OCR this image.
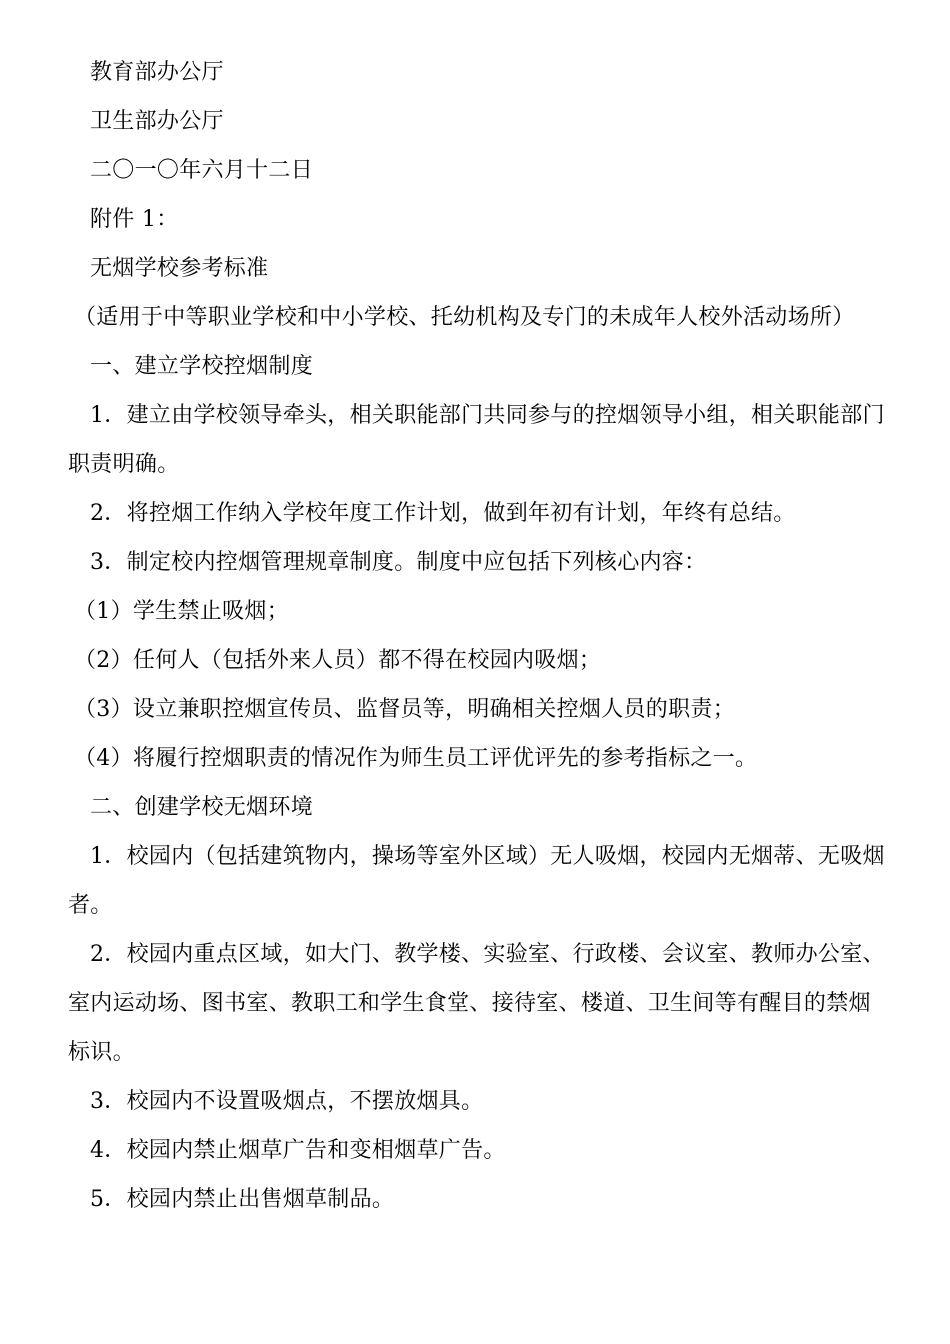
教育部办公厅

卫生部办公厅

二〇一〇年六月十二日

附件 1：

无烟学校参考标准

（适用于中等职业学校和中小学校、托幼机构及专门的未成年人校外活动场所）

一、建立学校控烟制度

1．建立由学校领导牵头，相关职能部门共同参与的控烟领导小组，相关职能部门职责明确。

2．将控烟工作纳入学校年度工作计划，做到年初有计划，年终有总结。

3．制定校内控烟管理规章制度。制度中应包括下列核心内容：

（1）学生禁止吸烟；

（2）任何人（包括外来人员）都不得在校园内吸烟；

（3）设立兼职控烟宣传员、监督员等，明确相关控烟人员的职责；

（4）将履行控烟职责的情况作为师生员工评优评先的参考指标之一。

二、创建学校无烟环境

1．校园内（包括建筑物内，操场等室外区域）无人吸烟，校园内无烟蒂、无吸烟者。

2．校园内重点区域，如大门、教学楼、实验室、行政楼、会议室、教师办公室、室内运动场、图书室、教职工和学生食堂、接待室、楼道、卫生间等有醒目的禁烟标识。

3．校园内不设置吸烟点，不摆放烟具。

4．校园内禁止烟草广告和变相烟草广告。

5．校园内禁止出售烟草制品。
